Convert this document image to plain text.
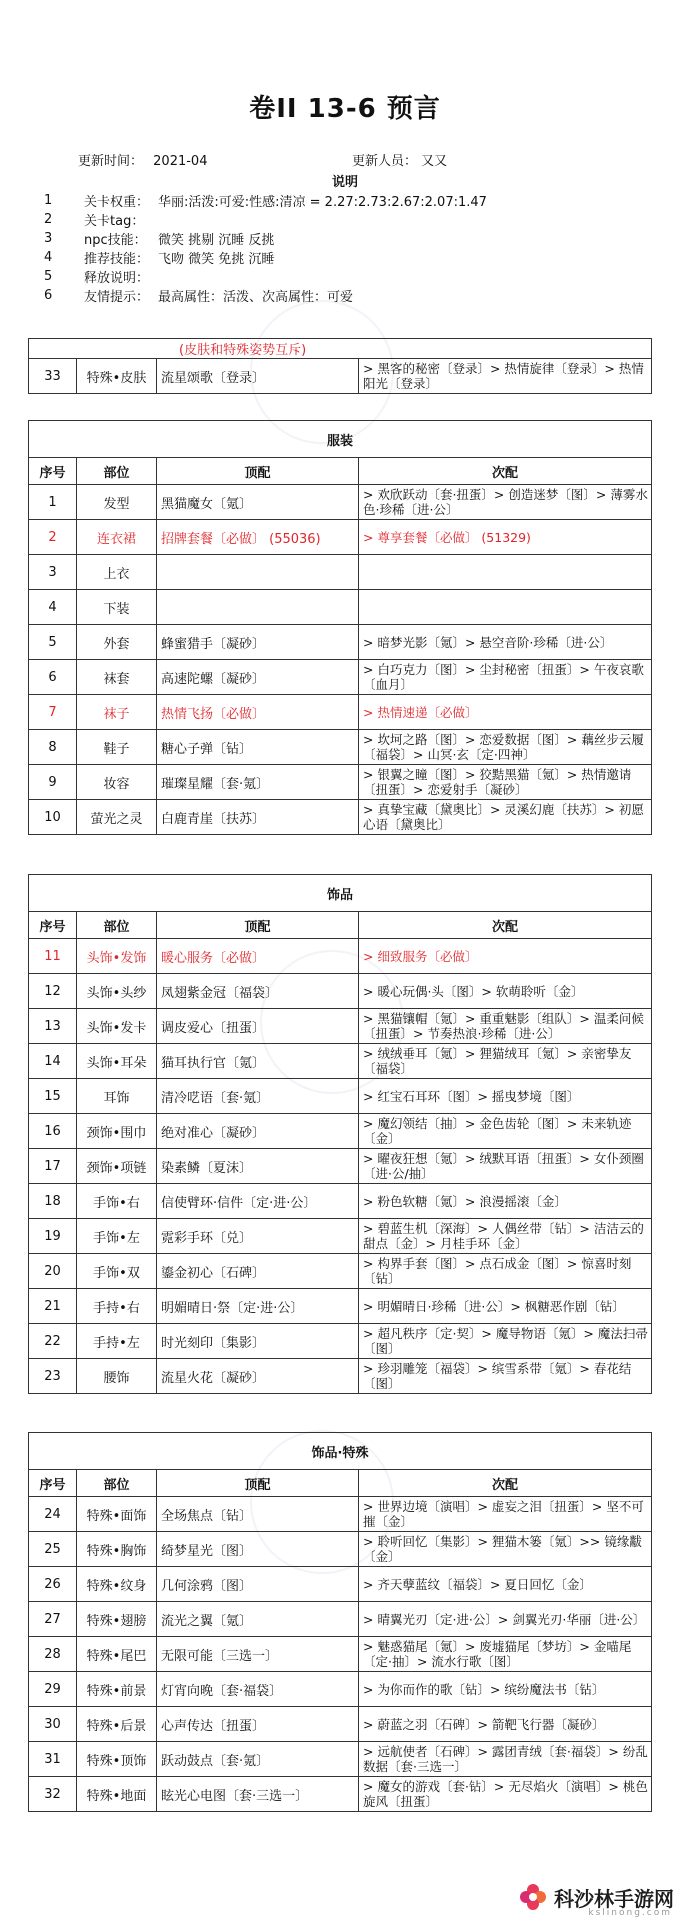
卷II 13-6 预言
更新时间： 2021-04	更新人员： 又又
说明
1	关卡权重： 华丽:活泼:可爱:性感:清凉 = 2.27:2.73:2.67:2.07:1.47
2	关卡tag：
3	npc技能： 微笑 挑剔 沉睡 反挑
4	推荐技能： 飞吻 微笑 免挑 沉睡
5	释放说明：
6	友情提示： 最高属性：活泼、次高属性：可爱
(皮肤和特殊姿势互斥)
33	特殊•皮肤	流星颂歌〔登录〕	> 黑客的秘密〔登录〕> 热情旋律〔登录〕> 热情阳光〔登录〕
服装			
序号	部位	顶配	次配
1	发型	黑猫魔女〔氪〕	> 欢欣跃动〔套·扭蛋〕> 创造迷梦〔图〕> 薄雾水色·珍稀〔进·公〕
2	连衣裙	招牌套餐〔必做〕 (55036)	> 尊享套餐〔必做〕 (51329)
3	上衣		
4	下装		
5	外套	蜂蜜猎手〔凝砂〕	> 暗梦光影〔氪〕> 悬空音阶·珍稀〔进·公〕
6	袜套	高速陀螺〔凝砂〕	> 白巧克力〔图〕> 尘封秘密〔扭蛋〕> 午夜哀歌〔血月〕
7	袜子	热情飞扬〔必做〕	> 热情速递〔必做〕
8	鞋子	糖心子弹〔钻〕	> 坎坷之路〔图〕> 恋爱数据〔图〕> 藕丝步云履〔福袋〕> 山冥·玄〔定·四神〕
9	妆容	璀璨星耀〔套·氪〕	> 银翼之瞳〔图〕> 狡黠黑猫〔氪〕> 热情邀请〔扭蛋〕> 恋爱射手〔凝砂〕
10	萤光之灵	白鹿青崖〔扶苏〕	> 真挚宝藏〔黛奥比〕> 灵溪幻鹿〔扶苏〕> 初愿心语〔黛奥比〕
饰品			
序号	部位	顶配	次配
11	头饰•发饰	暖心服务〔必做〕	> 细致服务〔必做〕
12	头饰•头纱	凤翅紫金冠〔福袋〕	> 暖心玩偶·头〔图〕> 软萌聆听〔金〕
13	头饰•发卡	调皮爱心〔扭蛋〕	> 黑猫镶帽〔氪〕> 重重魅影〔组队〕> 温柔问候〔扭蛋〕> 节奏热浪·珍稀〔进·公〕
14	头饰•耳朵	猫耳执行官〔氪〕	> 绒绒垂耳〔氪〕> 狸猫绒耳〔氪〕> 亲密挚友〔福袋〕
15	耳饰	清冷呓语〔套·氪〕	> 红宝石耳环〔图〕> 摇曳梦境〔图〕
16	颈饰•围巾	绝对准心〔凝砂〕	> 魔幻领结〔抽〕> 金色齿轮〔图〕> 未来轨迹〔金〕
17	颈饰•项链	染素鳞〔夏沫〕	> 曜夜狂想〔氪〕> 绒默耳语〔扭蛋〕> 女仆颈圈〔进·公/抽〕
18	手饰•右	信使臂环·信件〔定·进·公〕	> 粉色软糖〔氪〕> 浪漫摇滚〔金〕
19	手饰•左	霓彩手环〔兑〕	> 碧蓝生机〔深海〕> 人偶丝带〔钻〕> 洁洁云的甜点〔金〕> 月桂手环〔金〕
20	手饰•双	鎏金初心〔石碑〕	> 构界手套〔图〕> 点石成金〔图〕> 惊喜时刻〔钻〕
21	手持•右	明媚晴日·祭〔定·进·公〕	> 明媚晴日·珍稀〔进·公〕> 枫糖恶作剧〔钻〕
22	手持•左	时光刻印〔集影〕	> 超凡秩序〔定·契〕> 魔导物语〔氪〕> 魔法扫帚〔图〕
23	腰饰	流星火花〔凝砂〕	> 珍羽雕笼〔福袋〕> 缤雪系带〔氪〕> 春花结〔图〕
饰品·特殊			
序号	部位	顶配	次配
24	特殊•面饰	全场焦点〔钻〕	> 世界边境〔演唱〕> 虚妄之泪〔扭蛋〕> 坚不可摧〔金〕
25	特殊•胸饰	绮梦星光〔图〕	> 聆听回忆〔集影〕> 狸猫木篓〔氪〕>> 镜缘黻〔金〕
26	特殊•纹身	几何涂鸦〔图〕	> 齐天孽蓝纹〔福袋〕> 夏日回忆〔金〕
27	特殊•翅膀	流光之翼〔氪〕	> 晴翼光刃〔定·进·公〕> 剑翼光刃·华丽〔进·公〕
28	特殊•尾巴	无限可能〔三选一〕	> 魅惑猫尾〔氪〕> 废墟猫尾〔梦坊〕> 金喵尾〔定·抽〕> 流水行歌〔图〕
29	特殊•前景	灯宵向晚〔套·福袋〕	> 为你而作的歌〔钻〕> 缤纷魔法书〔钻〕
30	特殊•后景	心声传达〔扭蛋〕	> 蔚蓝之羽〔石碑〕> 箭靶飞行器〔凝砂〕
31	特殊•顶饰	跃动鼓点〔套·氪〕	> 远航使者〔石碑〕> 露团青绒〔套·福袋〕> 纷乱数据〔套·三选一〕
32	特殊•地面	眩光心电图〔套·三选一〕	> 魔女的游戏〔套·钻〕> 无尽焰火〔演唱〕> 桃色旋风〔扭蛋〕
科沙林手游网
kslinong.com
